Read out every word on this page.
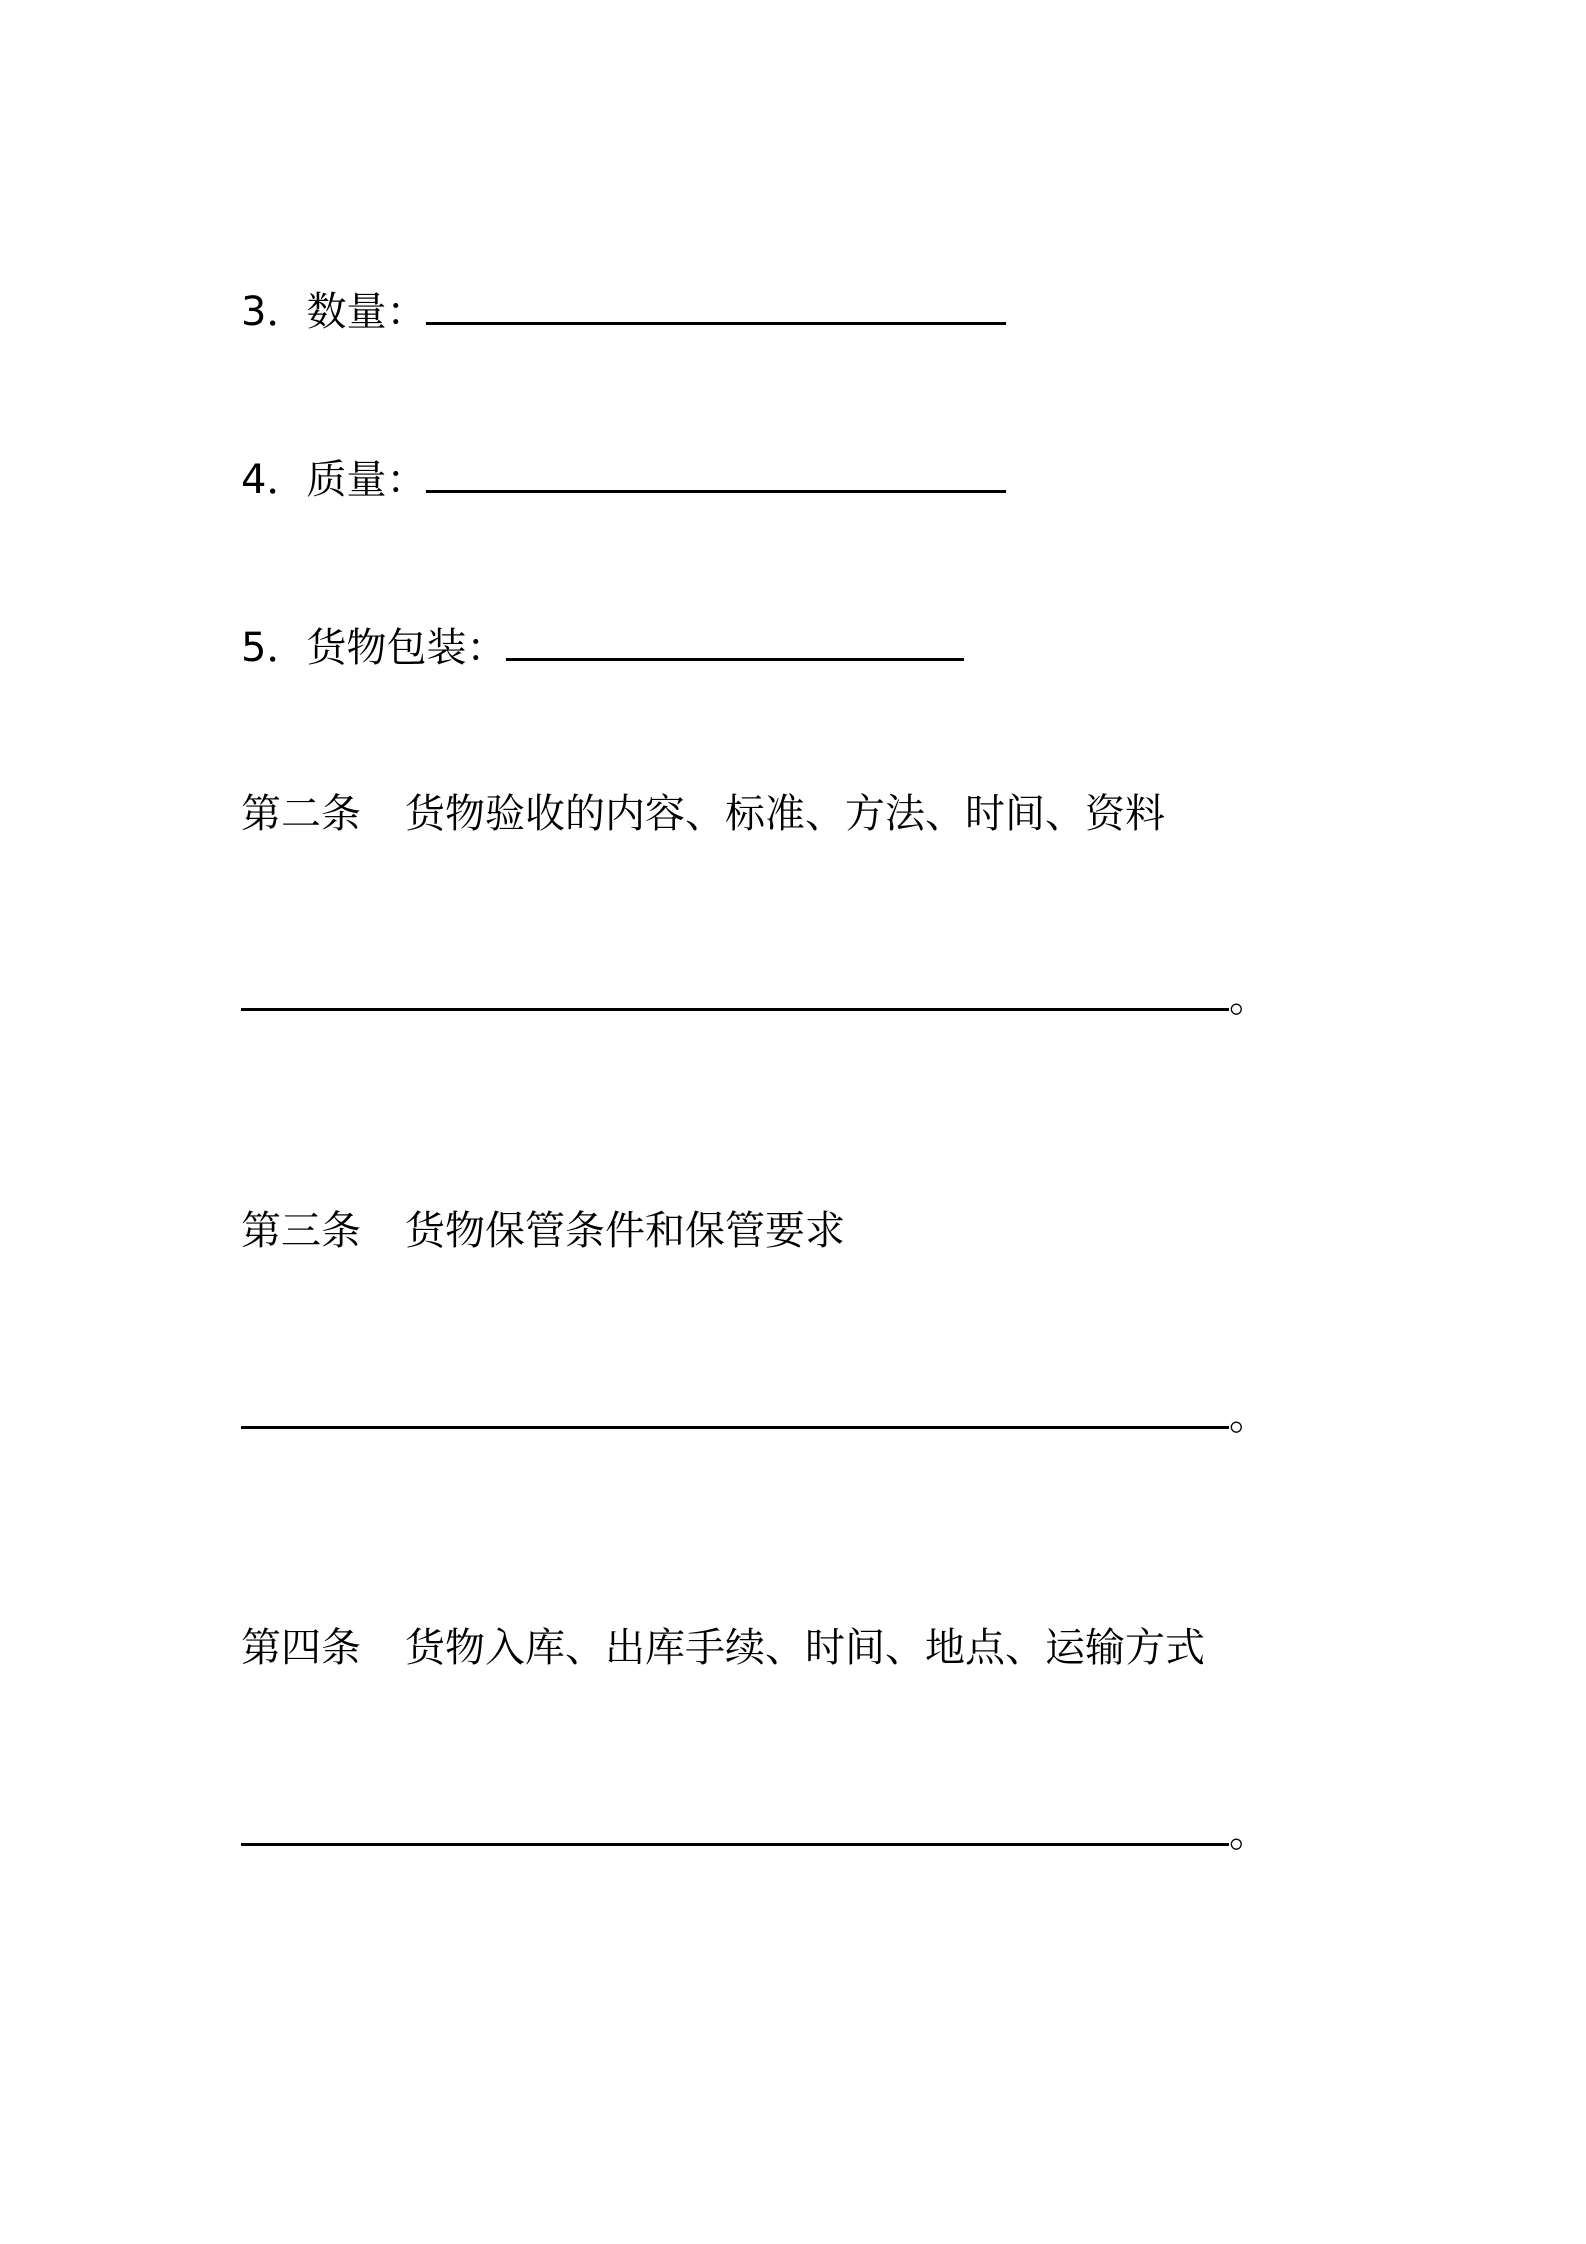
3．数量：
4．质量：
5．货物包装：
第二条 货物验收的内容、标准、方法、时间、资料
。
第三条 货物保管条件和保管要求
。
第四条 货物入库、出库手续、时间、地点、运输方式
。
